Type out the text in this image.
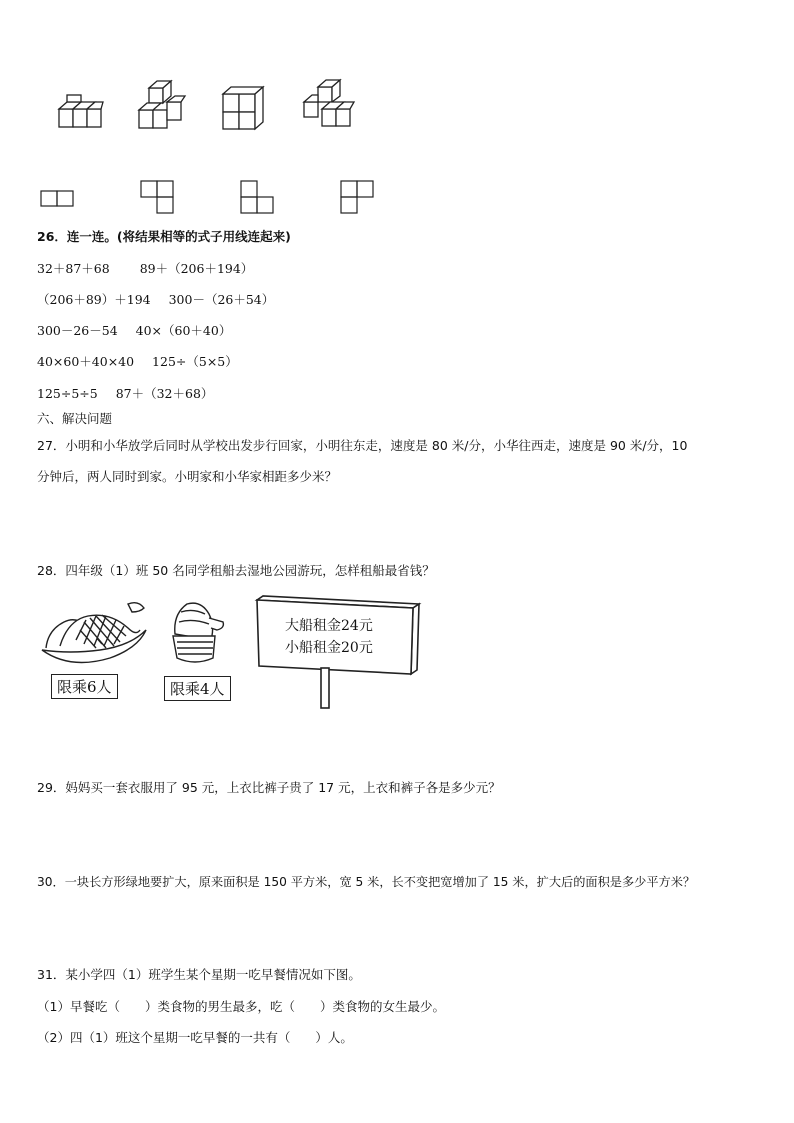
26．连一连。(将结果相等的式子用线连起来)
32＋87＋68 89＋（206＋194）
（206＋89）＋194 300－（26＋54）
300－26－54 40×（60＋40）
40×60＋40×40 125÷（5×5）
125÷5÷5 87＋（32＋68）
六、解决问题
27．小明和小华放学后同时从学校出发步行回家，小明往东走，速度是 80 米/分，小华往西走，速度是 90 米/分，10
分钟后，两人同时到家。小明家和小华家相距多少米？
28．四年级（1）班 50 名同学租船去湿地公园游玩，怎样租船最省钱？
限乘6人	限乘4人
大船租金24元
小船租金20元
29．妈妈买一套衣服用了 95 元，上衣比裤子贵了 17 元，上衣和裤子各是多少元？
30．一块长方形绿地要扩大，原来面积是 150 平方米，宽 5 米，长不变把宽增加了 15 米，扩大后的面积是多少平方米？
31．某小学四（1）班学生某个星期一吃早餐情况如下图。
（1）早餐吃（　　）类食物的男生最多，吃（　　）类食物的女生最少。
（2）四（1）班这个星期一吃早餐的一共有（　　）人。
